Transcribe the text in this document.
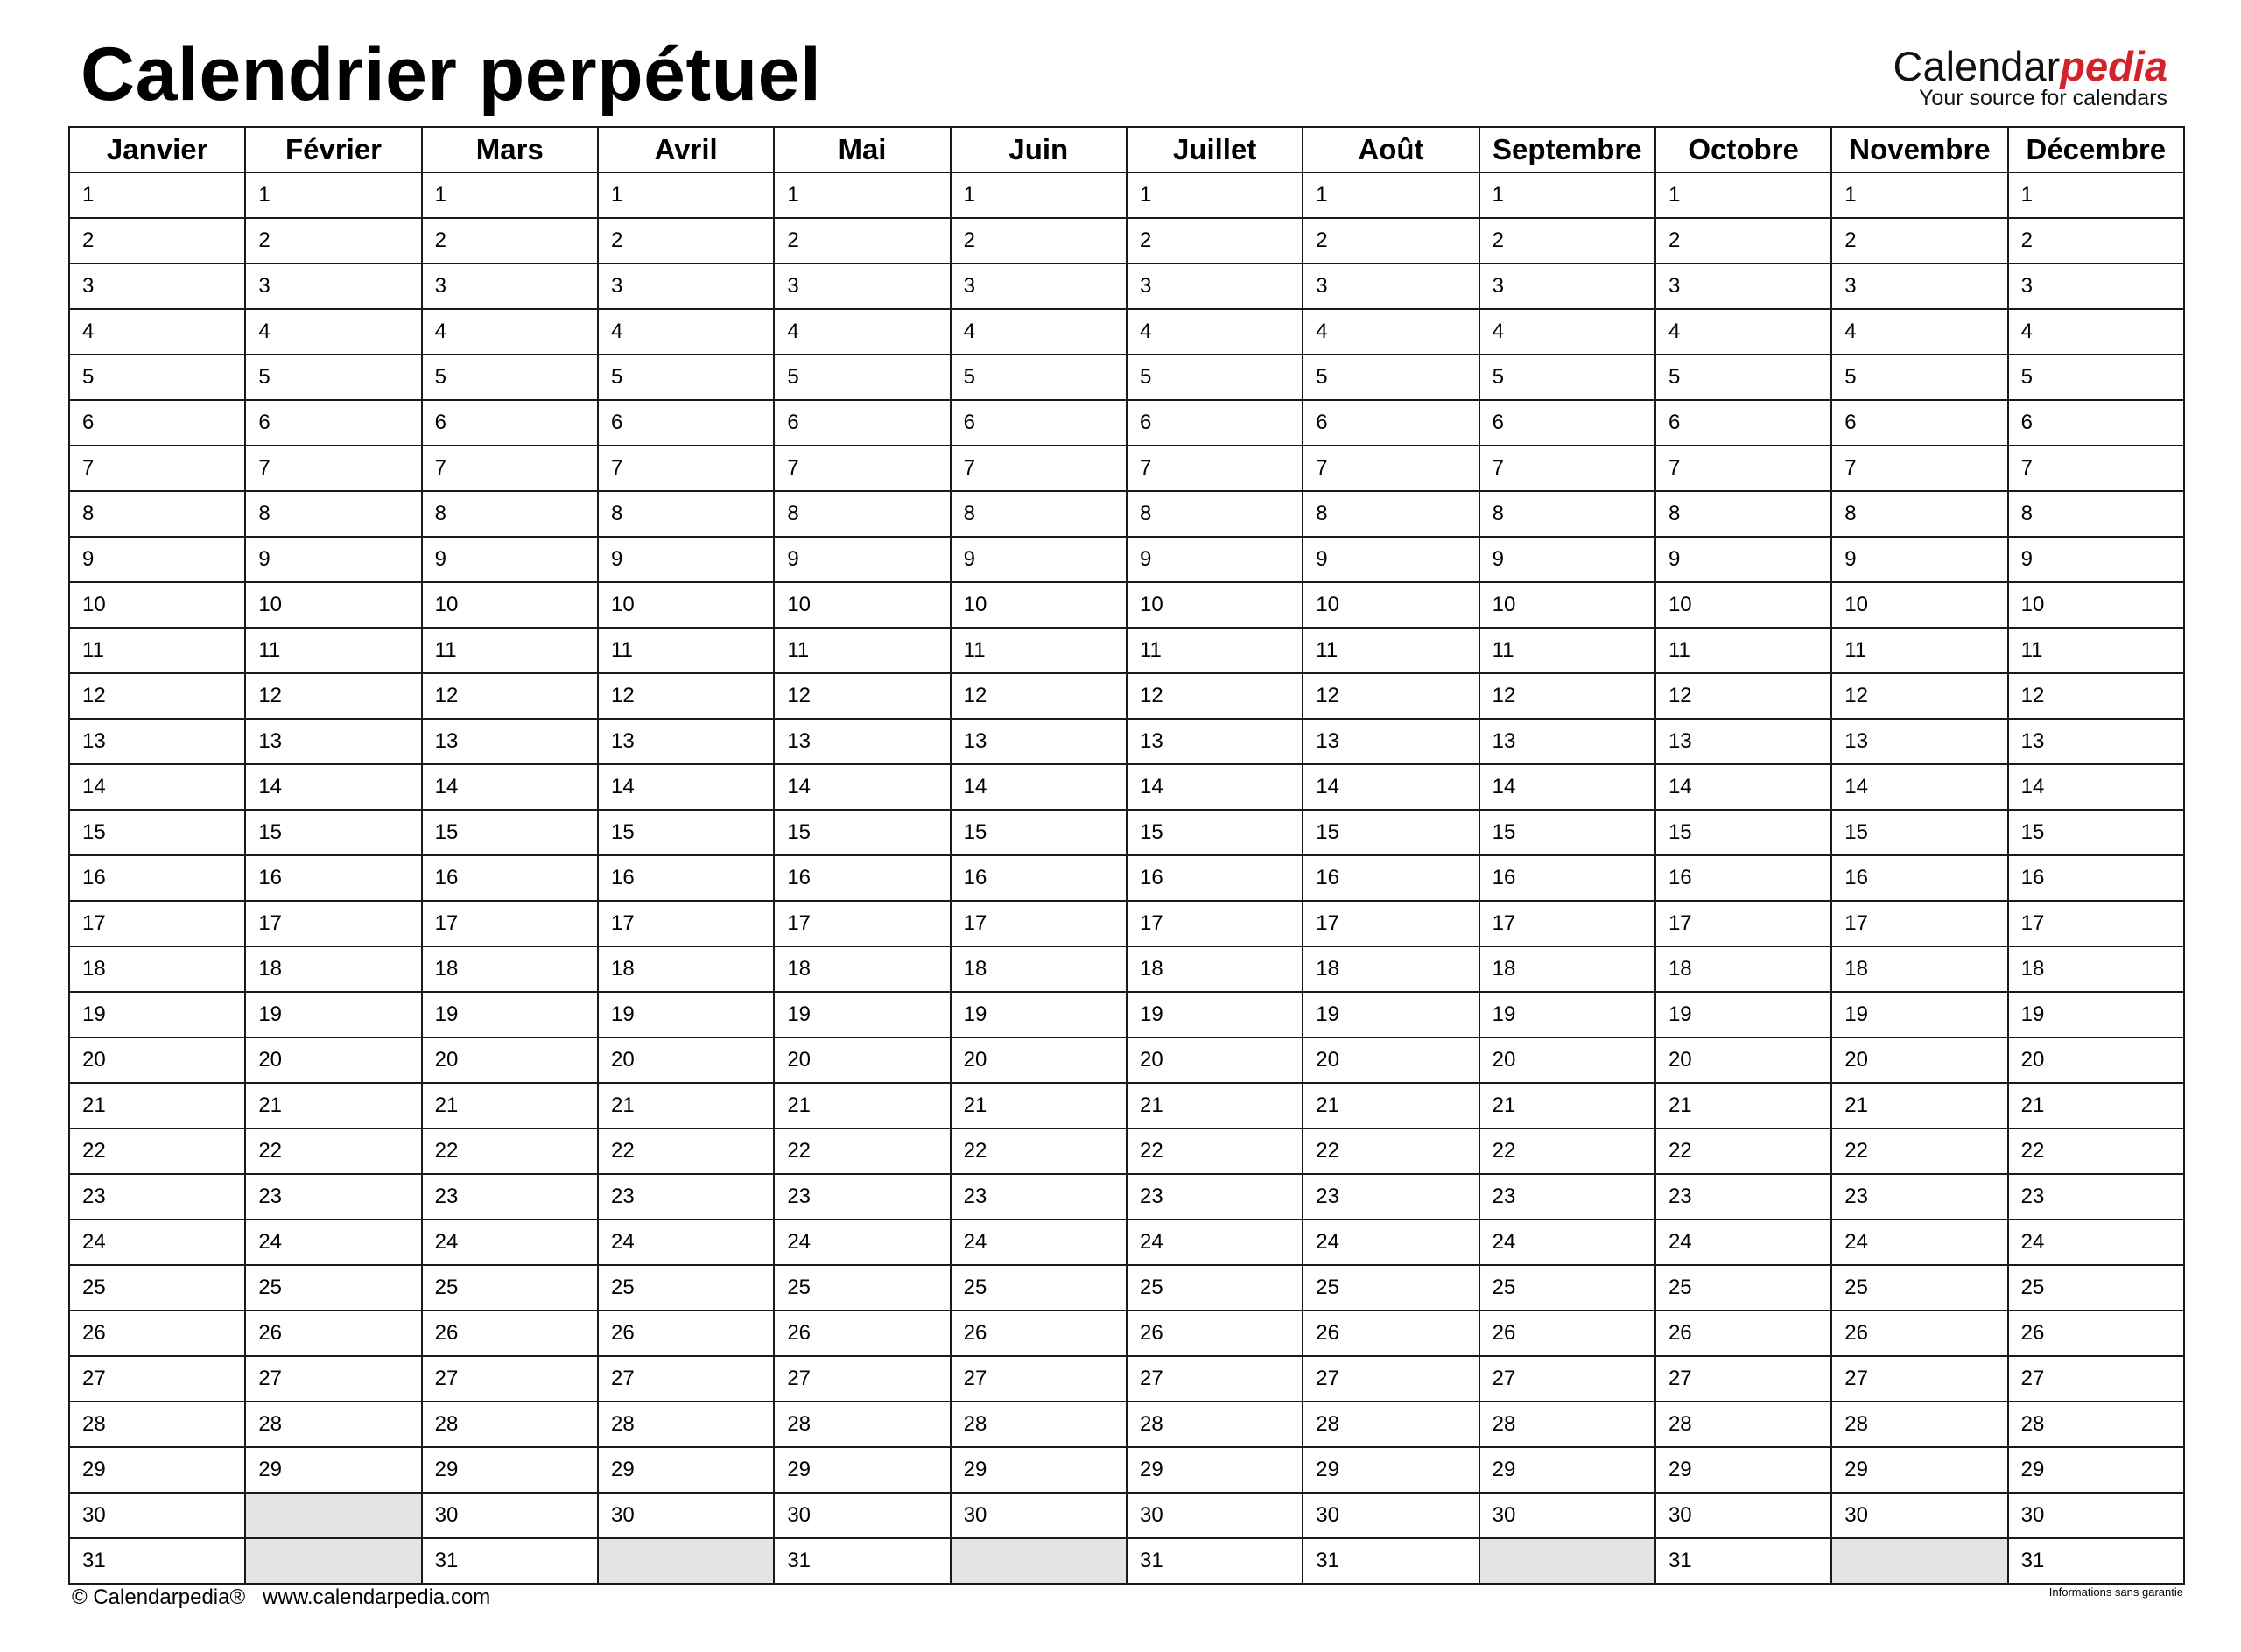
Calendrier perpétuel	Calendarpedia
Your source for calendars
Janvier	Février	Mars	Avril	Mai	Juin	Juillet	Août	Septembre	Octobre	Novembre	Décembre
1	1	1	1	1	1	1	1	1	1	1	1
2	2	2	2	2	2	2	2	2	2	2	2
3	3	3	3	3	3	3	3	3	3	3	3
4	4	4	4	4	4	4	4	4	4	4	4
5	5	5	5	5	5	5	5	5	5	5	5
6	6	6	6	6	6	6	6	6	6	6	6
7	7	7	7	7	7	7	7	7	7	7	7
8	8	8	8	8	8	8	8	8	8	8	8
9	9	9	9	9	9	9	9	9	9	9	9
10	10	10	10	10	10	10	10	10	10	10	10
11	11	11	11	11	11	11	11	11	11	11	11
12	12	12	12	12	12	12	12	12	12	12	12
13	13	13	13	13	13	13	13	13	13	13	13
14	14	14	14	14	14	14	14	14	14	14	14
15	15	15	15	15	15	15	15	15	15	15	15
16	16	16	16	16	16	16	16	16	16	16	16
17	17	17	17	17	17	17	17	17	17	17	17
18	18	18	18	18	18	18	18	18	18	18	18
19	19	19	19	19	19	19	19	19	19	19	19
20	20	20	20	20	20	20	20	20	20	20	20
21	21	21	21	21	21	21	21	21	21	21	21
22	22	22	22	22	22	22	22	22	22	22	22
23	23	23	23	23	23	23	23	23	23	23	23
24	24	24	24	24	24	24	24	24	24	24	24
25	25	25	25	25	25	25	25	25	25	25	25
26	26	26	26	26	26	26	26	26	26	26	26
27	27	27	27	27	27	27	27	27	27	27	27
28	28	28	28	28	28	28	28	28	28	28	28
29	29	29	29	29	29	29	29	29	29	29	29
30		30	30	30	30	30	30	30	30	30	30
31		31		31		31	31		31		31
© Calendarpedia® www.calendarpedia.com	Informations sans garantie
